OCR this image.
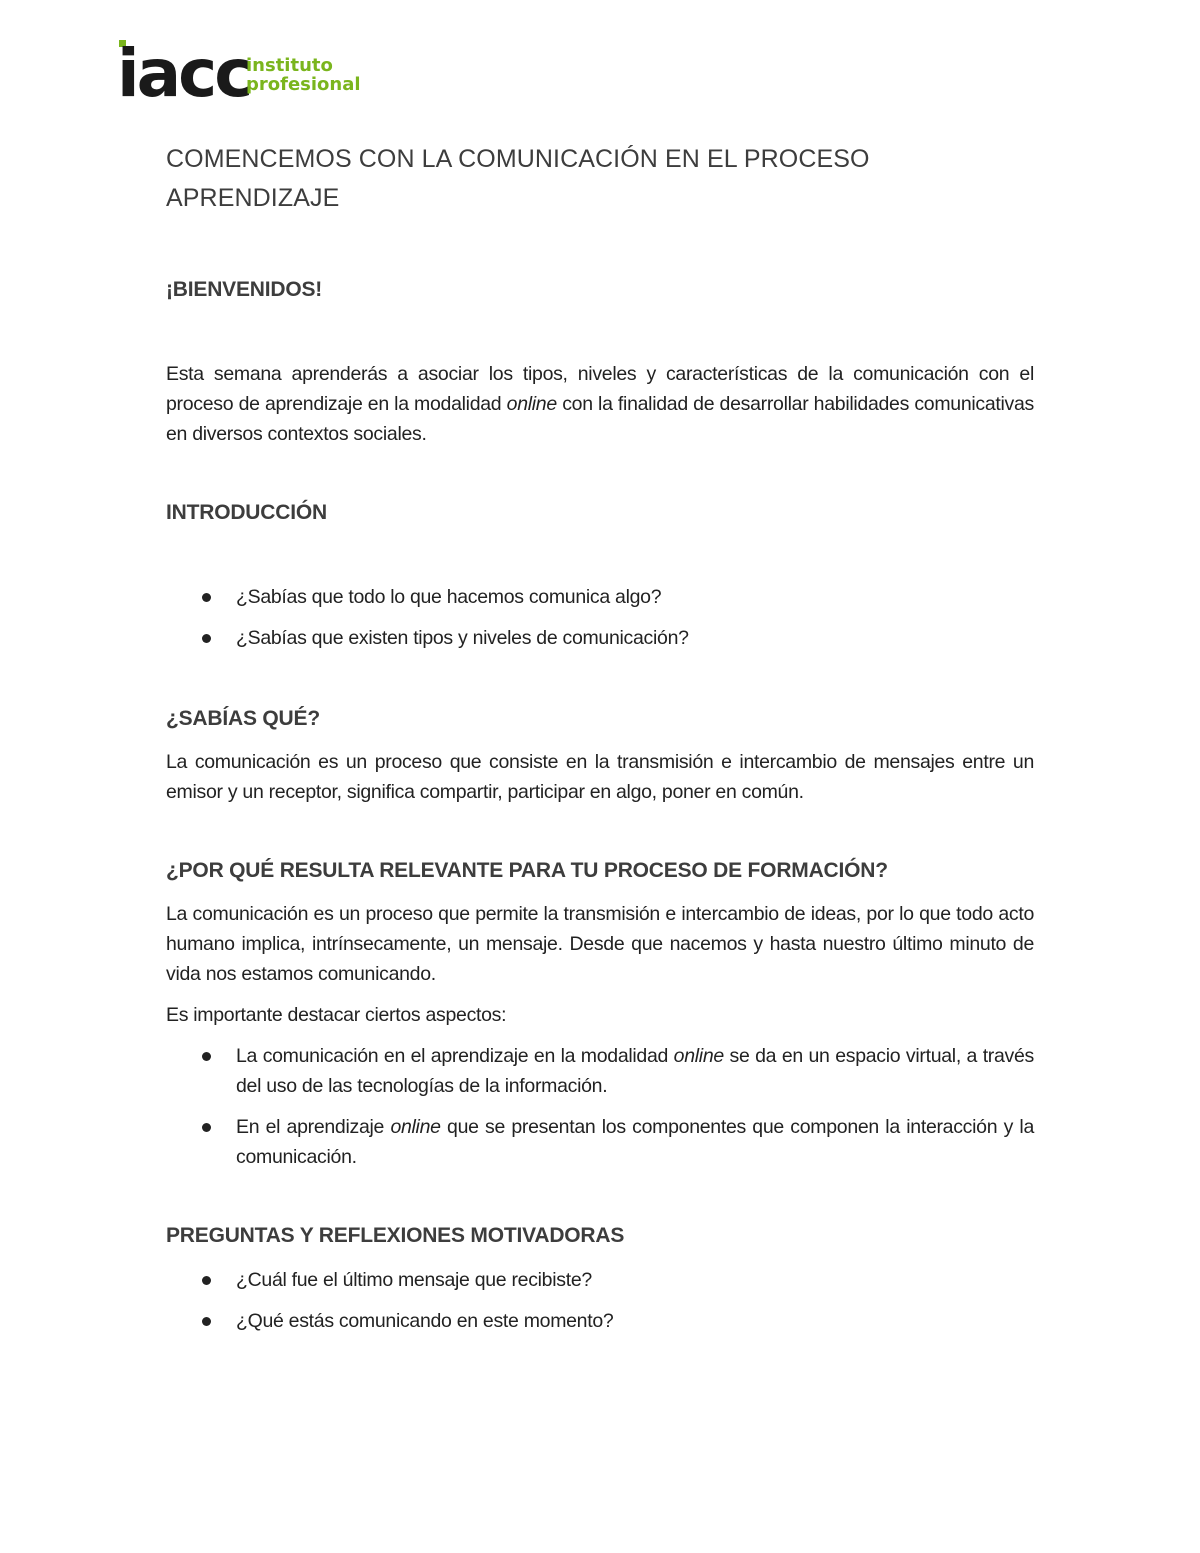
iacc
instituto
profesional
COMENCEMOS CON LA COMUNICACIÓN EN EL PROCESO APRENDIZAJE
¡BIENVENIDOS!

Esta semana aprenderás a asociar los tipos, niveles y características de la comunicación con el proceso de aprendizaje en la modalidad online con la finalidad de desarrollar habilidades comunicativas en diversos contextos sociales.

INTRODUCCIÓN
¿Sabías que todo lo que hacemos comunica algo?
¿Sabías que existen tipos y niveles de comunicación?
¿SABÍAS QUÉ?

La comunicación es un proceso que consiste en la transmisión e intercambio de mensajes entre un emisor y un receptor, significa compartir, participar en algo, poner en común.

¿POR QUÉ RESULTA RELEVANTE PARA TU PROCESO DE FORMACIÓN?

La comunicación es un proceso que permite la transmisión e intercambio de ideas, por lo que todo acto humano implica, intrínsecamente, un mensaje. Desde que nacemos y hasta nuestro último minuto de vida nos estamos comunicando.

Es importante destacar ciertos aspectos:

La comunicación en el aprendizaje en la modalidad online se da en un espacio virtual, a través del uso de las tecnologías de la información.
En el aprendizaje online que se presentan los componentes que componen la interacción y la comunicación.
PREGUNTAS Y REFLEXIONES MOTIVADORAS
¿Cuál fue el último mensaje que recibiste?
¿Qué estás comunicando en este momento?
